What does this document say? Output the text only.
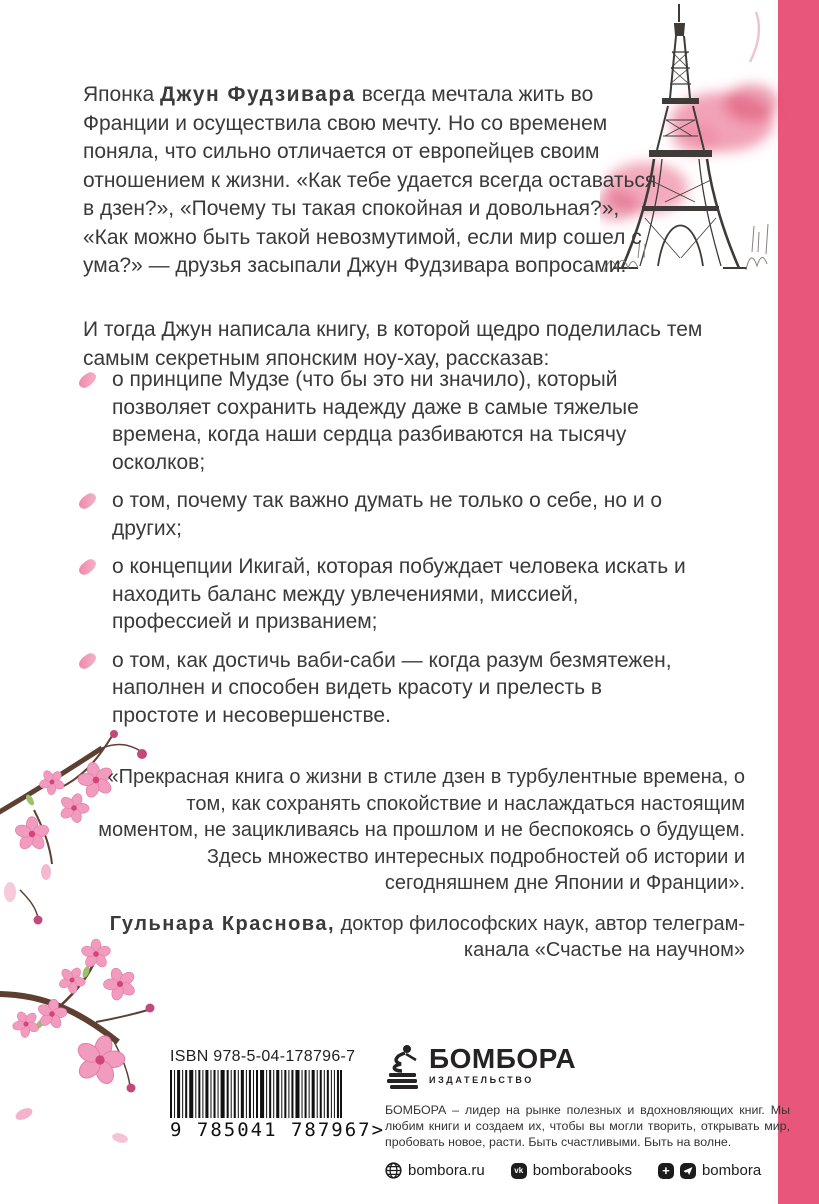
Японка Джун Фудзивара всегда мечтала жить во Франции и осуществила свою мечту. Но со временем поняла, что сильно отличается от европейцев своим отношением к жизни. «Как тебе удается всегда оставаться в дзен?», «Почему ты такая спокойная и довольная?», «Как можно быть такой невозмутимой, если мир сошел с ума?» — друзья засыпали Джун Фудзивара вопросами.

И тогда Джун написала книгу, в которой щедро поделилась тем самым секретным японским ноу-хау, рассказав:

о принципе Мудзе (что бы это ни значило), который позволяет сохранить надежду даже в самые тяжелые времена, когда наши сердца разбиваются на тысячу осколков;
о том, почему так важно думать не только о себе, но и о других;
о концепции Икигай, которая побуждает человека искать и находить баланс между увлечениями, миссией, профессией и призванием;
о том, как достичь ваби-саби — когда разум безмятежен, наполнен и способен видеть красоту и прелесть в простоте и несовершенстве.
«Прекрасная книга о жизни в стиле дзен в турбулентные времена, о том, как сохранять спокойствие и наслаждаться настоящим моментом, не зацикливаясь на прошлом и не беспокоясь о будущем. Здесь множество интересных подробностей об истории и сегодняшнем дне Японии и Франции».
Гульнара Краснова, доктор философских наук, автор телеграм-канала «Счастье на научном»
ISBN 978-5-04-178796-7
9 785041 787967>
БОМБОРА
ИЗДАТЕЛЬСТВО

БОМБОРА – лидер на рынке полезных и вдохновляющих книг. Мы любим книги и создаем их, чтобы вы могли творить, открывать мир, пробовать новое, расти. Быть счастливыми. Быть на волне.

bombora.ru	vk bomborabooks	+ bombora
